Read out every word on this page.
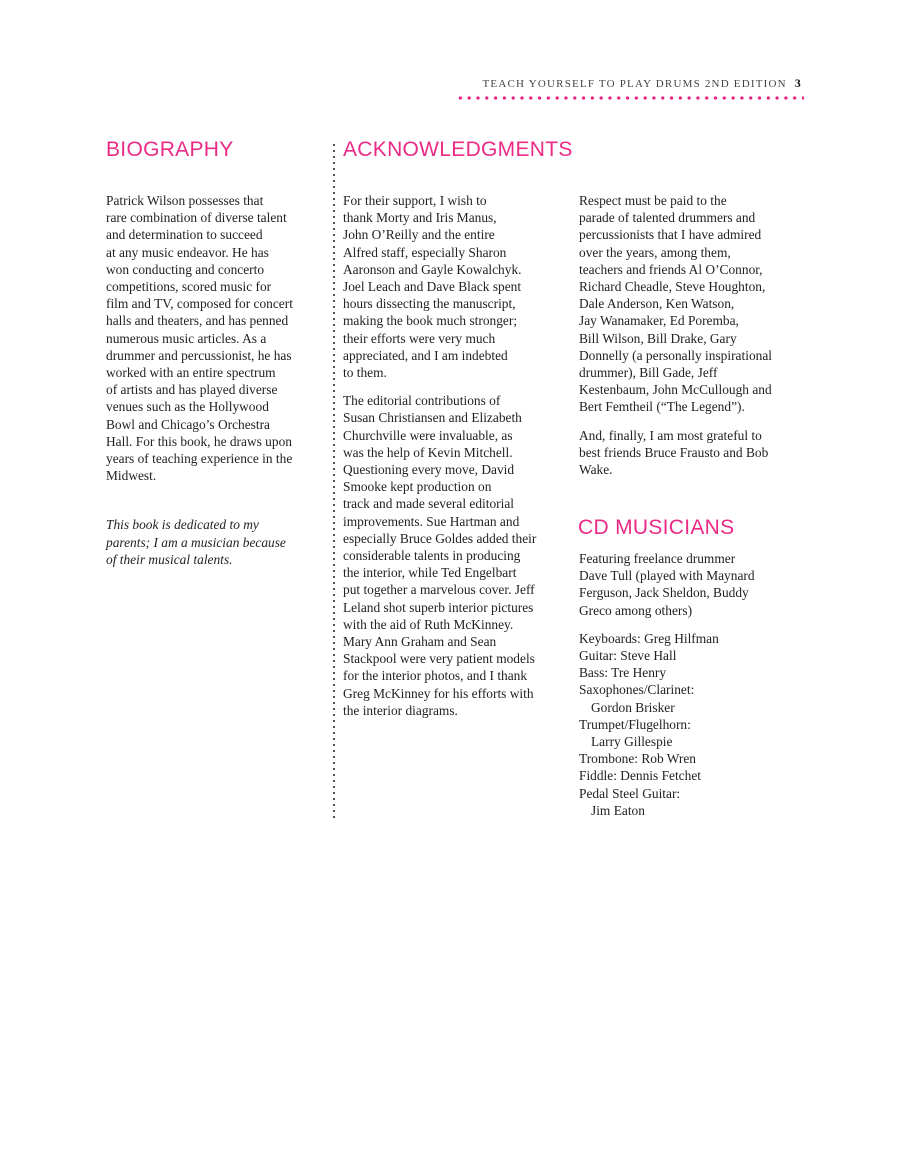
TEACH YOURSELF TO PLAY DRUMS 2ND EDITION 3
BIOGRAPHY	ACKNOWLEDGMENTS
CD MUSICIANS

Patrick Wilson possesses that
rare combination of diverse talent
and determination to succeed
at any music endeavor. He has
won conducting and concerto
competitions, scored music for
film and TV, composed for concert
halls and theaters, and has penned
numerous music articles. As a
drummer and percussionist, he has
worked with an entire spectrum
of artists and has played diverse
venues such as the Hollywood
Bowl and Chicago’s Orchestra
Hall. For this book, he draws upon
years of teaching experience in the
Midwest.

This book is dedicated to my
parents; I am a musician because
of their musical talents.

For their support, I wish to
thank Morty and Iris Manus,
John O’Reilly and the entire
Alfred staff, especially Sharon
Aaronson and Gayle Kowalchyk.
Joel Leach and Dave Black spent
hours dissecting the manuscript,
making the book much stronger;
their efforts were very much
appreciated, and I am indebted
to them.

The editorial contributions of
Susan Christiansen and Elizabeth
Churchville were invaluable, as
was the help of Kevin Mitchell.
Questioning every move, David
Smooke kept production on
track and made several editorial
improvements. Sue Hartman and
especially Bruce Goldes added their
considerable talents in producing
the interior, while Ted Engelbart
put together a marvelous cover. Jeff
Leland shot superb interior pictures
with the aid of Ruth McKinney.
Mary Ann Graham and Sean
Stackpool were very patient models
for the interior photos, and I thank
Greg McKinney for his efforts with
the interior diagrams.

Respect must be paid to the
parade of talented drummers and
percussionists that I have admired
over the years, among them,
teachers and friends Al O’Connor,
Richard Cheadle, Steve Houghton,
Dale Anderson, Ken Watson,
Jay Wanamaker, Ed Poremba,
Bill Wilson, Bill Drake, Gary
Donnelly (a personally inspirational
drummer), Bill Gade, Jeff
Kestenbaum, John McCullough and
Bert Femtheil (“The Legend”).

And, finally, I am most grateful to
best friends Bruce Frausto and Bob
Wake.

Featuring freelance drummer
Dave Tull (played with Maynard
Ferguson, Jack Sheldon, Buddy
Greco among others)

Keyboards: Greg Hilfman
Guitar: Steve Hall
Bass: Tre Henry
Saxophones/Clarinet:
Gordon Brisker
Trumpet/Flugelhorn:
Larry Gillespie
Trombone: Rob Wren
Fiddle: Dennis Fetchet
Pedal Steel Guitar:
Jim Eaton
